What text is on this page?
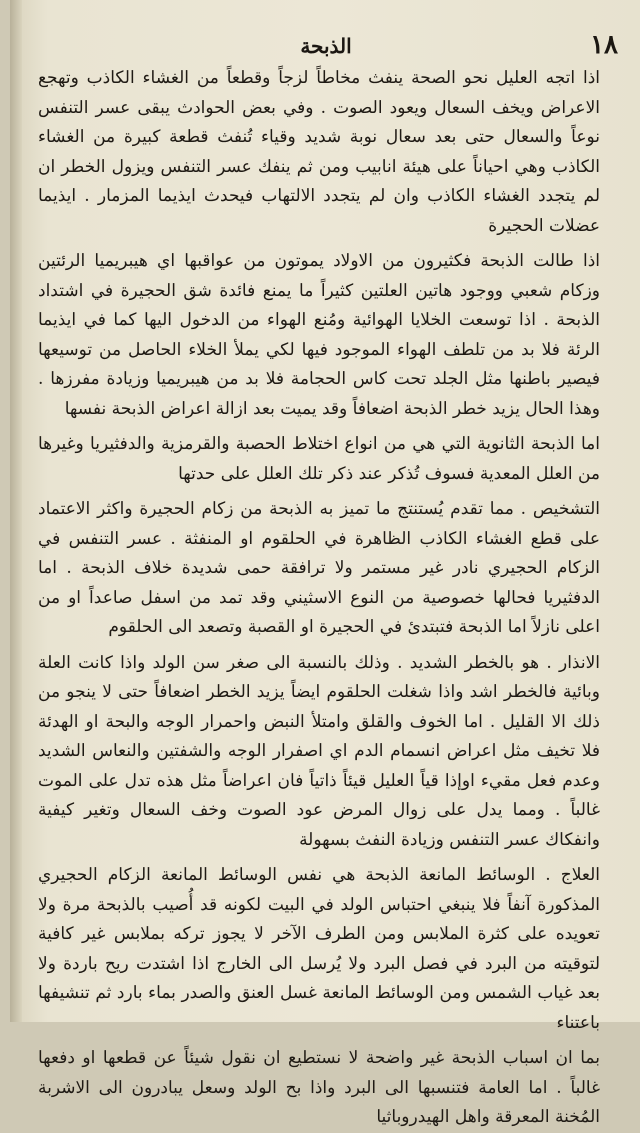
الذبحة	١٨

اذا اتجه العليل نحو الصحة ينفث مخاطاً لزجاً وقطعاً من الغشاء الكاذب وتهجع الاعراض ويخف السعال ويعود الصوت . وفي بعض الحوادث يبقى عسر التنفس نوعاً والسعال حتى بعد سعال نوبة شديد وقياء تُنفث قطعة كبيرة من الغشاء الكاذب وهي احياناً على هيئة انابيب ومن ثم ينفك عسر التنفس ويزول الخطر ان لم يتجدد الغشاء الكاذب وان لم يتجدد الالتهاب فيحدث ايذيما المزمار . ايذيما عضلات الحجيرة

اذا طالت الذبحة فكثيرون من الاولاد يموتون من عواقبها اي هيبريميا الرئتين وزكام شعبي ووجود هاتين العلتين كثيراً ما يمنع فائدة شق الحجيرة في اشتداد الذبحة . اذا توسعت الخلايا الهوائية ومُنع الهواء من الدخول اليها كما في ايذيما الرئة فلا بد من تلطف الهواء الموجود فيها لكي يملأ الخلاء الحاصل من توسيعها فيصير باطنها مثل الجلد تحت كاس الحجامة فلا بد من هيبريميا وزيادة مفرزها . وهذا الحال يزيد خطر الذبحة اضعافاً وقد يميت بعد ازالة اعراض الذبحة نفسها

اما الذبحة الثانوية التي هي من انواع اختلاط الحصبة والقرمزية والدفثيريا وغيرها من العلل المعدية فسوف تُذكر عند ذكر تلك العلل على حدتها

التشخيص . مما تقدم يُستنتج ما تميز به الذبحة من زكام الحجيرة واكثر الاعتماد على قطع الغشاء الكاذب الظاهرة في الحلقوم او المنفثة . عسر التنفس في الزكام الحجيري نادر غير مستمر ولا ترافقة حمى شديدة خلاف الذبحة . اما الدفثيريا فحالها خصوصية من النوع الاسثيني وقد تمد من اسفل صاعداً او من اعلى نازلاً اما الذبحة فتبتدئ في الحجيرة او القصبة وتصعد الى الحلقوم

الانذار . هو بالخطر الشديد . وذلك بالنسبة الى صغر سن الولد واذا كانت العلة وبائية فالخطر اشد واذا شغلت الحلقوم ايضاً يزيد الخطر اضعافاً حتى لا ينجو من ذلك الا القليل . اما الخوف والقلق وامتلأ النبض واحمرار الوجه والبحة او الهدئة فلا تخيف مثل اعراض انسمام الدم اي اصفرار الوجه والشفتين والنعاس الشديد وعدم فعل مقيء اوإذا قياً العليل قيئاً ذاتياً فان اعراضاً مثل هذه تدل على الموت غالباً . ومما يدل على زوال المرض عود الصوت وخف السعال وتغير كيفية وانفكاك عسر التنفس وزيادة النفث بسهولة

العلاج . الوسائط المانعة الذبحة هي نفس الوسائط المانعة الزكام الحجيري المذكورة آنفاً فلا ينبغي احتباس الولد في البيت لكونه قد أُصيب بالذبحة مرة ولا تعويده على كثرة الملابس ومن الطرف الآخر لا يجوز تركه بملابس غير كافية لتوقيته من البرد في فصل البرد ولا يُرسل الى الخارج اذا اشتدت ريح باردة ولا بعد غياب الشمس ومن الوسائط المانعة غسل العنق والصدر بماء بارد ثم تنشيفها باعتناء

بما ان اسباب الذبحة غير واضحة لا نستطيع ان نقول شيئاً عن قطعها او دفعها غالباً . اما العامة فتنسبها الى البرد واذا بح الولد وسعل يبادرون الى الاشربة المُخنة المعرقة واهل الهيدروباثيا
